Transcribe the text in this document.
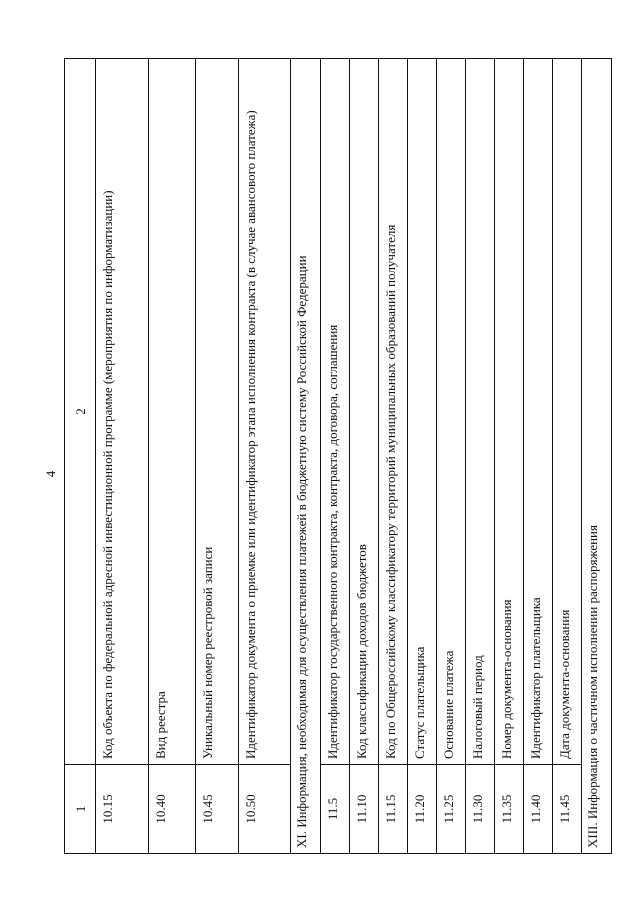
4
1	2
10.15	Код объекта по федеральной адресной инвестиционной программе (мероприятия по информатизации)
10.40	Вид реестра
10.45	Уникальный номер реестровой записи
10.50	Идентификатор документа о приемке или идентификатор этапа исполнения контракта (в случае авансового платежа)
XI. Информация, необходимая для осуществления платежей в бюджетную систему Российской Федерации	
11.5	Идентификатор государственного контракта, контракта, договора, соглашения
11.10	Код классификации доходов бюджетов
11.15	Код по Общероссийскому классификатору территорий муниципальных образований получателя
11.20	Статус плательщика
11.25	Основание платежа
11.30	Налоговый период
11.35	Номер документа-основания
11.40	Идентификатор плательщика
11.45	Дата документа-основания
XIII. Информация о частичном исполнении распоряжения	
